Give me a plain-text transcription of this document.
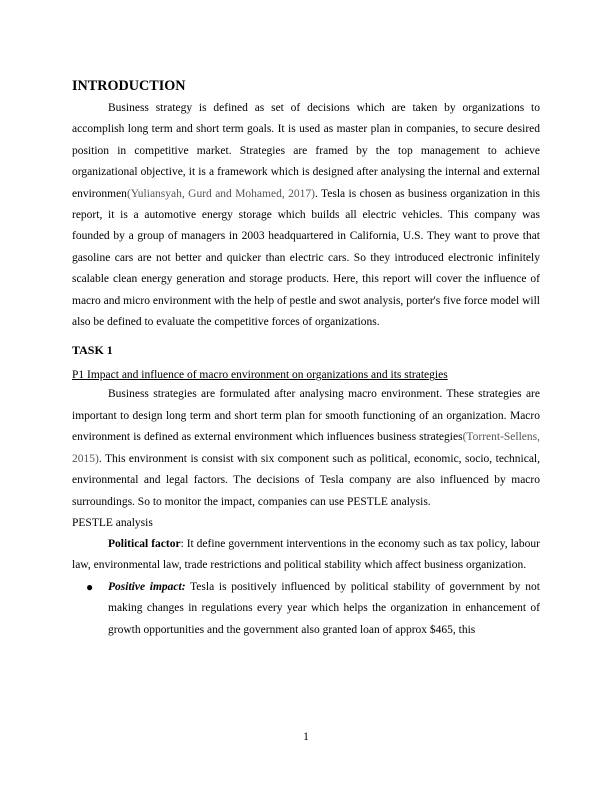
INTRODUCTION

Business strategy is defined as set of decisions which are taken by organizations to accomplish long term and short term goals. It is used as master plan in companies, to secure desired position in competitive market. Strategies are framed by the top management to achieve organizational objective, it is a framework which is designed after analysing the internal and external environmen(Yuliansyah, Gurd and Mohamed, 2017). Tesla is chosen as business organization in this report, it is a automotive energy storage which builds all electric vehicles. This company was founded by a group of managers in 2003 headquartered in California, U.S. They want to prove that gasoline cars are not better and quicker than electric cars. So they introduced electronic infinitely scalable clean energy generation and storage products. Here, this report will cover the influence of macro and micro environment with the help of pestle and swot analysis, porter's five force model will also be defined to evaluate the competitive forces of organizations.

TASK 1
P1 Impact and influence of macro environment on organizations and its strategies

Business strategies are formulated after analysing macro environment. These strategies are important to design long term and short term plan for smooth functioning of an organization. Macro environment is defined as external environment which influences business strategies(Torrent-Sellens, 2015). This environment is consist with six component such as political, economic, socio, technical, environmental and legal factors. The decisions of Tesla company are also influenced by macro surroundings. So to monitor the impact, companies can use PESTLE analysis.

PESTLE analysis

Political factor: It define government interventions in the economy such as tax policy, labour law, environmental law, trade restrictions and political stability which affect business organization.

● Positive impact: Tesla is positively influenced by political stability of government by not making changes in regulations every year which helps the organization in enhancement of growth opportunities and the government also granted loan of approx $465, this
1
